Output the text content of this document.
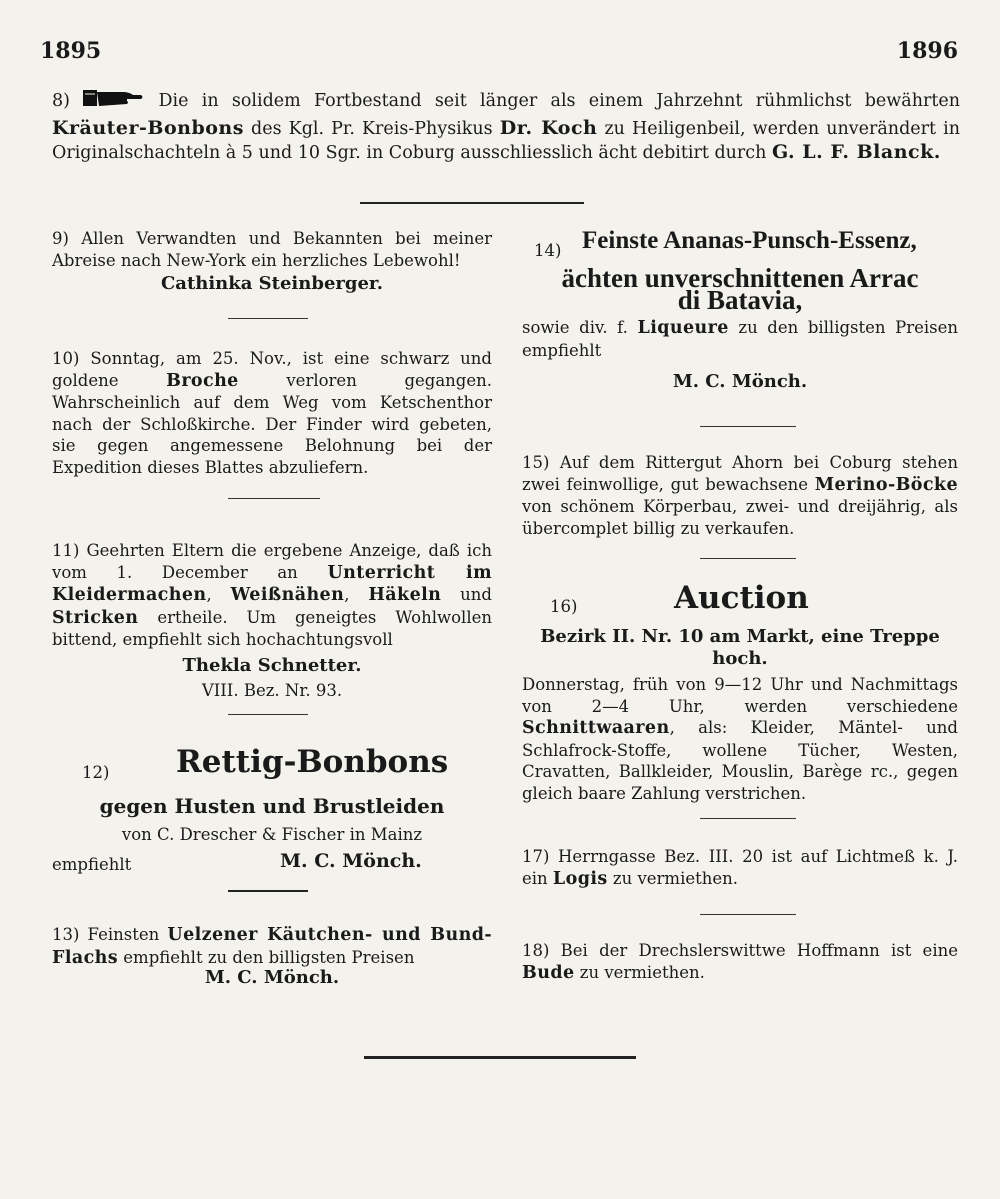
1895	1896
8)	Die in solidem Fortbestand seit länger als einem Jahrzehnt rühmlichst bewährten Kräuter-Bonbons des Kgl. Pr. Kreis-Physikus Dr. Koch zu Heiligenbeil, werden unverändert in Originalschachteln à 5 und 10 Sgr. in Coburg ausschliesslich ächt debitirt durch G. L. F. Blanck.
9) Allen Verwandten und Bekannten bei meiner Abreise nach New-York ein herzliches Lebewohl!
Cathinka Steinberger.
10) Sonntag, am 25. Nov., ist eine schwarz und goldene	Broche	verloren gegangen. Wahrscheinlich auf dem Weg vom Ketschenthor nach der Schloßkirche. Der Finder wird gebeten, sie gegen angemessene Belohnung bei der Expedition dieses Blattes abzuliefern.
11) Geehrten Eltern die ergebene Anzeige, daß ich vom 1. December an Unterricht im Kleidermachen, Weißnähen, Häkeln und Stricken ertheile. Um geneigtes Wohlwollen bittend, empfiehlt sich hochachtungsvoll
Thekla Schnetter.
VIII. Bez. Nr. 93.
12) Rettig-Bonbons
gegen Husten und Brustleiden
von C. Drescher & Fischer in Mainz
empfiehlt	M. C. Mönch.
13) Feinsten Uelzener Käutchen- und Bund-Flachs empfiehlt zu den billigsten Preisen
M. C. Mönch.
14) Feinste Ananas-Punsch-Essenz,
ächten unverschnittenen Arrac
di Batavia,
sowie div. f. Liqueure zu den billigsten Preisen empfiehlt
M. C. Mönch.
15) Auf dem Rittergut Ahorn bei Coburg stehen zwei feinwollige, gut bewachsene Merino-Böcke von schönem Körperbau, zwei- und dreijährig, als übercomplet billig zu verkaufen.
16)	Auction
Bezirk II. Nr. 10 am Markt, eine Treppe hoch.
Donnerstag, früh von 9—12 Uhr und Nachmittags von 2—4 Uhr, werden verschiedene Schnittwaaren, als: Kleider, Mäntel- und Schlafrock-Stoffe, wollene Tücher, Westen, Cravatten, Ballkleider, Mouslin, Barège rc., gegen gleich baare Zahlung verstrichen.
17) Herrngasse Bez. III. 20 ist auf Lichtmeß k. J. ein Logis zu vermiethen.
18) Bei der Drechslerswittwe Hoffmann ist eine Bude zu vermiethen.
